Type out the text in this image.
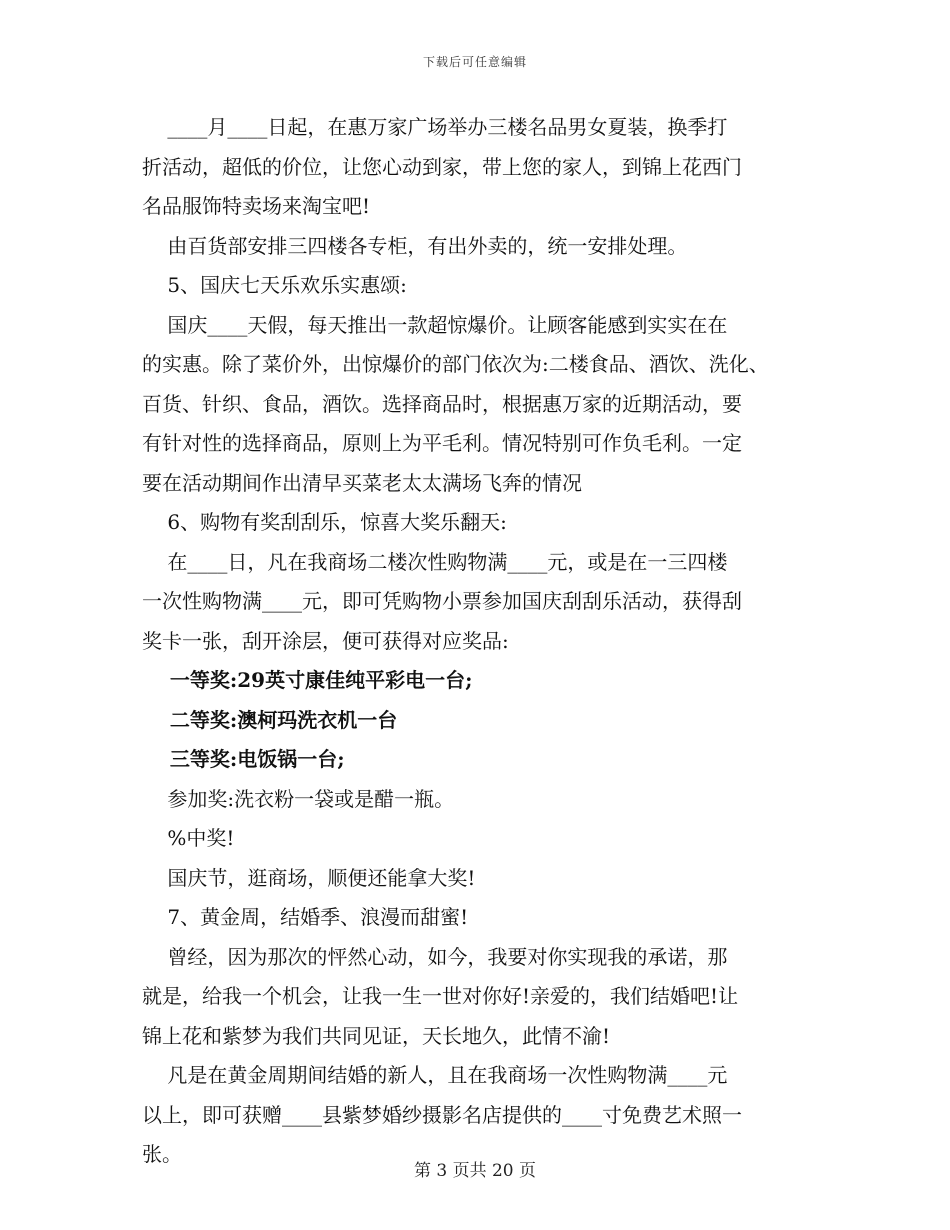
下载后可任意编辑
____月____日起，在惠万家广场举办三楼名品男女夏装，换季打
折活动，超低的价位，让您心动到家，带上您的家人，到锦上花西门
名品服饰特卖场来淘宝吧!
由百货部安排三四楼各专柜，有出外卖的，统一安排处理。
5、国庆七天乐欢乐实惠颂:
国庆____天假，每天推出一款超惊爆价。让顾客能感到实实在在
的实惠。除了菜价外，出惊爆价的部门依次为:二楼食品、酒饮、洗化、
百货、针织、食品，酒饮。选择商品时，根据惠万家的近期活动，要
有针对性的选择商品，原则上为平毛利。情况特别可作负毛利。一定
要在活动期间作出清早买菜老太太满场飞奔的情况
6、购物有奖刮刮乐，惊喜大奖乐翻天:
在____日，凡在我商场二楼次性购物满____元，或是在一三四楼
一次性购物满____元，即可凭购物小票参加国庆刮刮乐活动，获得刮
奖卡一张，刮开涂层，便可获得对应奖品:
一等奖:29英寸康佳纯平彩电一台;
二等奖:澳柯玛洗衣机一台
三等奖:电饭锅一台;
参加奖:洗衣粉一袋或是醋一瓶。
%中奖!
国庆节，逛商场，顺便还能拿大奖!
7、黄金周，结婚季、浪漫而甜蜜!
曾经，因为那次的怦然心动，如今，我要对你实现我的承诺，那
就是，给我一个机会，让我一生一世对你好!亲爱的，我们结婚吧!让
锦上花和紫梦为我们共同见证，天长地久，此情不渝!
凡是在黄金周期间结婚的新人，且在我商场一次性购物满____元
以上，即可获赠____县紫梦婚纱摄影名店提供的____寸免费艺术照一
张。
第 3 页共 20 页
